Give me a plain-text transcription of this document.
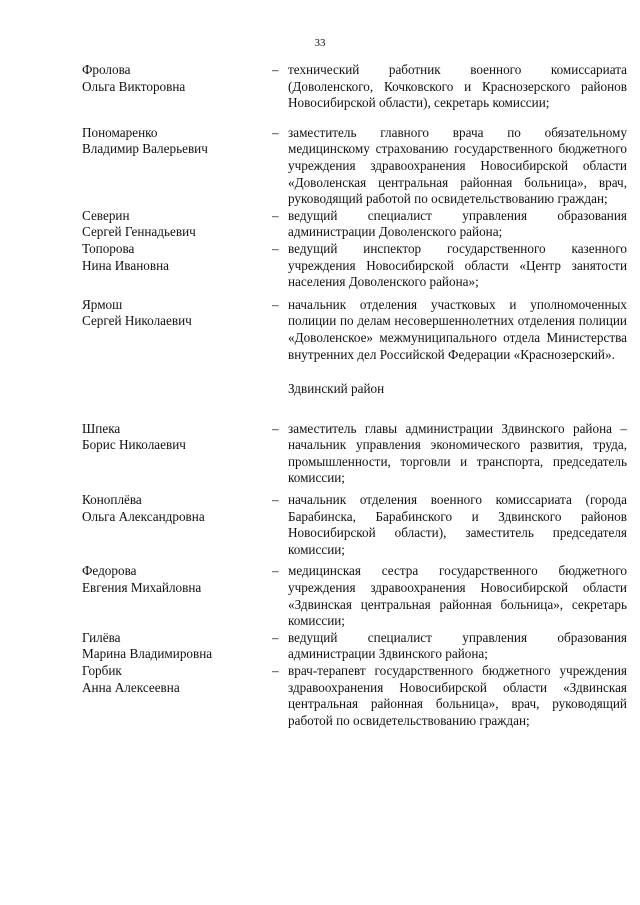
33
Фролова
Ольга Викторовна
– технический работник военного комиссариата (Доволенского, Кочковского и Краснозерского районов Новосибирской области), секретарь комиссии;
Пономаренко
Владимир Валерьевич
– заместитель главного врача по обязательному медицинскому страхованию государственного бюджетного учреждения здравоохранения Новосибирской области «Доволенская центральная районная больница», врач, руководящий работой по освидетельствованию граждан;
Северин
Сергей Геннадьевич
– ведущий специалист управления образования администрации Доволенского района;
Топорова
Нина Ивановна
– ведущий инспектор государственного казенного учреждения Новосибирской области «Центр занятости населения Доволенского района»;
Ярмош
Сергей Николаевич
– начальник отделения участковых и уполномоченных полиции по делам несовершеннолетних отделения полиции «Доволенское» межмуниципального отдела Министерства внутренних дел Российской Федерации «Краснозерский».
Здвинский район
Шпека
Борис Николаевич
– заместитель главы администрации Здвинского района – начальник управления экономического развития, труда, промышленности, торговли и транспорта, председатель комиссии;
Коноплёва
Ольга Александровна
– начальник отделения военного комиссариата (города Барабинска, Барабинского и Здвинского районов Новосибирской области), заместитель председателя комиссии;
Федорова
Евгения Михайловна
– медицинская сестра государственного бюджетного учреждения здравоохранения Новосибирской области «Здвинская центральная районная больница», секретарь комиссии;
Гилёва
Марина Владимировна
– ведущий специалист управления образования администрации Здвинского района;
Горбик
Анна Алексеевна
– врач-терапевт государственного бюджетного учреждения здравоохранения Новосибирской области «Здвинская центральная районная больница», врач, руководящий работой по освидетельствованию граждан;
